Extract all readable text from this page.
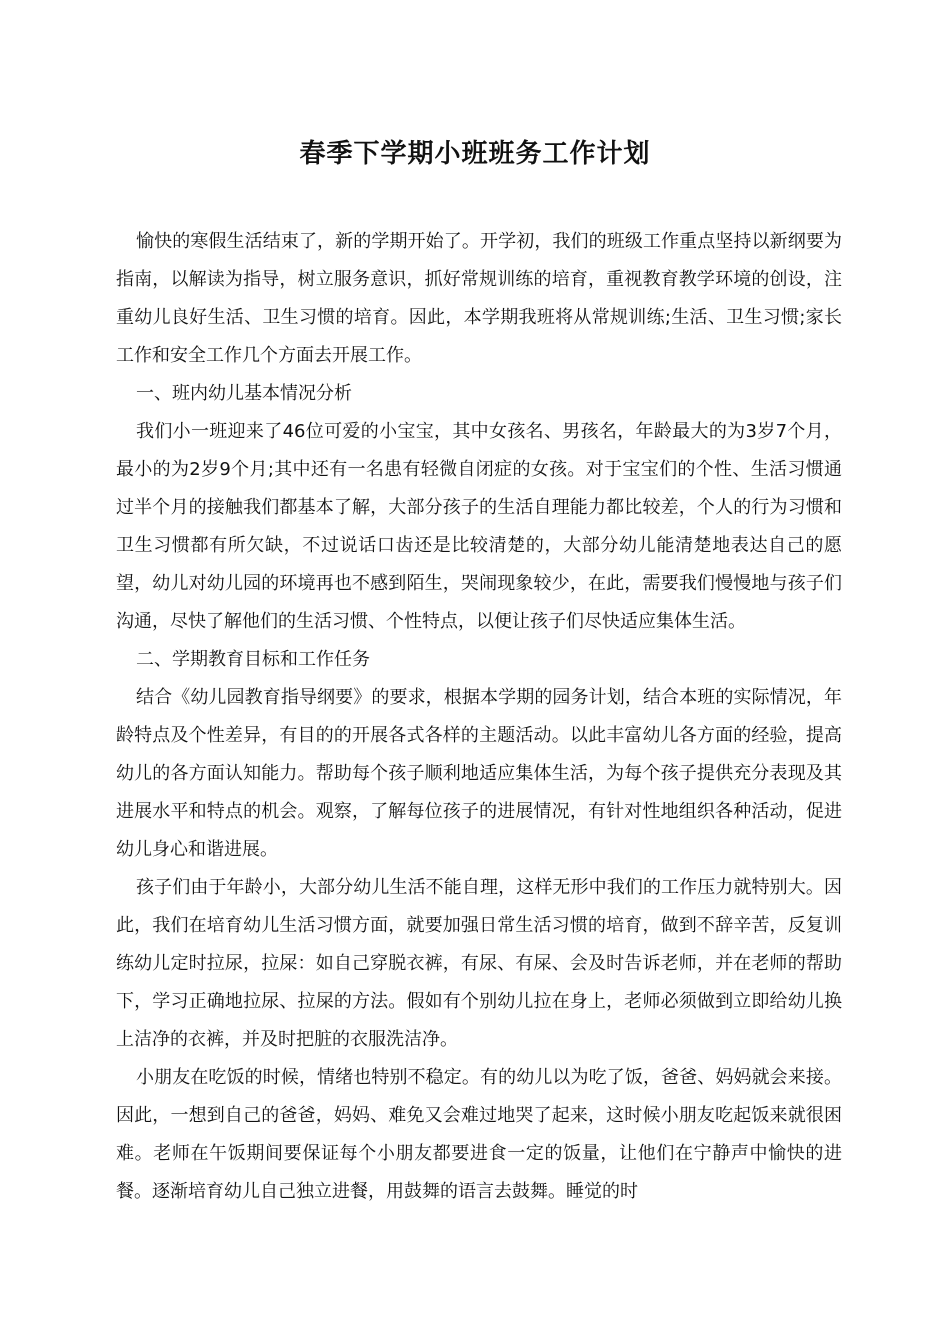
春季下学期小班班务工作计划

愉快的寒假生活结束了，新的学期开始了。开学初，我们的班级工作重点坚持以新纲要为指南，以解读为指导，树立服务意识，抓好常规训练的培育，重视教育教学环境的创设，注重幼儿良好生活、卫生习惯的培育。因此，本学期我班将从常规训练;生活、卫生习惯;家长工作和安全工作几个方面去开展工作。

一、班内幼儿基本情况分析

我们小一班迎来了46位可爱的小宝宝，其中女孩名、男孩名，年龄最大的为3岁7个月，最小的为2岁9个月;其中还有一名患有轻微自闭症的女孩。对于宝宝们的个性、生活习惯通过半个月的接触我们都基本了解，大部分孩子的生活自理能力都比较差，个人的行为习惯和卫生习惯都有所欠缺，不过说话口齿还是比较清楚的，大部分幼儿能清楚地表达自己的愿望，幼儿对幼儿园的环境再也不感到陌生，哭闹现象较少，在此，需要我们慢慢地与孩子们沟通，尽快了解他们的生活习惯、个性特点，以便让孩子们尽快适应集体生活。

二、学期教育目标和工作任务

结合《幼儿园教育指导纲要》的要求，根据本学期的园务计划，结合本班的实际情况，年龄特点及个性差异，有目的的开展各式各样的主题活动。以此丰富幼儿各方面的经验，提高幼儿的各方面认知能力。帮助每个孩子顺利地适应集体生活，为每个孩子提供充分表现及其进展水平和特点的机会。观察，了解每位孩子的进展情况，有针对性地组织各种活动，促进幼儿身心和谐进展。

孩子们由于年龄小，大部分幼儿生活不能自理，这样无形中我们的工作压力就特别大。因此，我们在培育幼儿生活习惯方面，就要加强日常生活习惯的培育，做到不辞辛苦，反复训练幼儿定时拉尿，拉屎：如自己穿脱衣裤，有尿、有屎、会及时告诉老师，并在老师的帮助下，学习正确地拉尿、拉屎的方法。假如有个别幼儿拉在身上，老师必须做到立即给幼儿换上洁净的衣裤，并及时把脏的衣服洗洁净。

小朋友在吃饭的时候，情绪也特别不稳定。有的幼儿以为吃了饭，爸爸、妈妈就会来接。因此，一想到自己的爸爸，妈妈、难免又会难过地哭了起来，这时候小朋友吃起饭来就很困难。老师在午饭期间要保证每个小朋友都要进食一定的饭量，让他们在宁静声中愉快的进餐。逐渐培育幼儿自己独立进餐，用鼓舞的语言去鼓舞。睡觉的时
